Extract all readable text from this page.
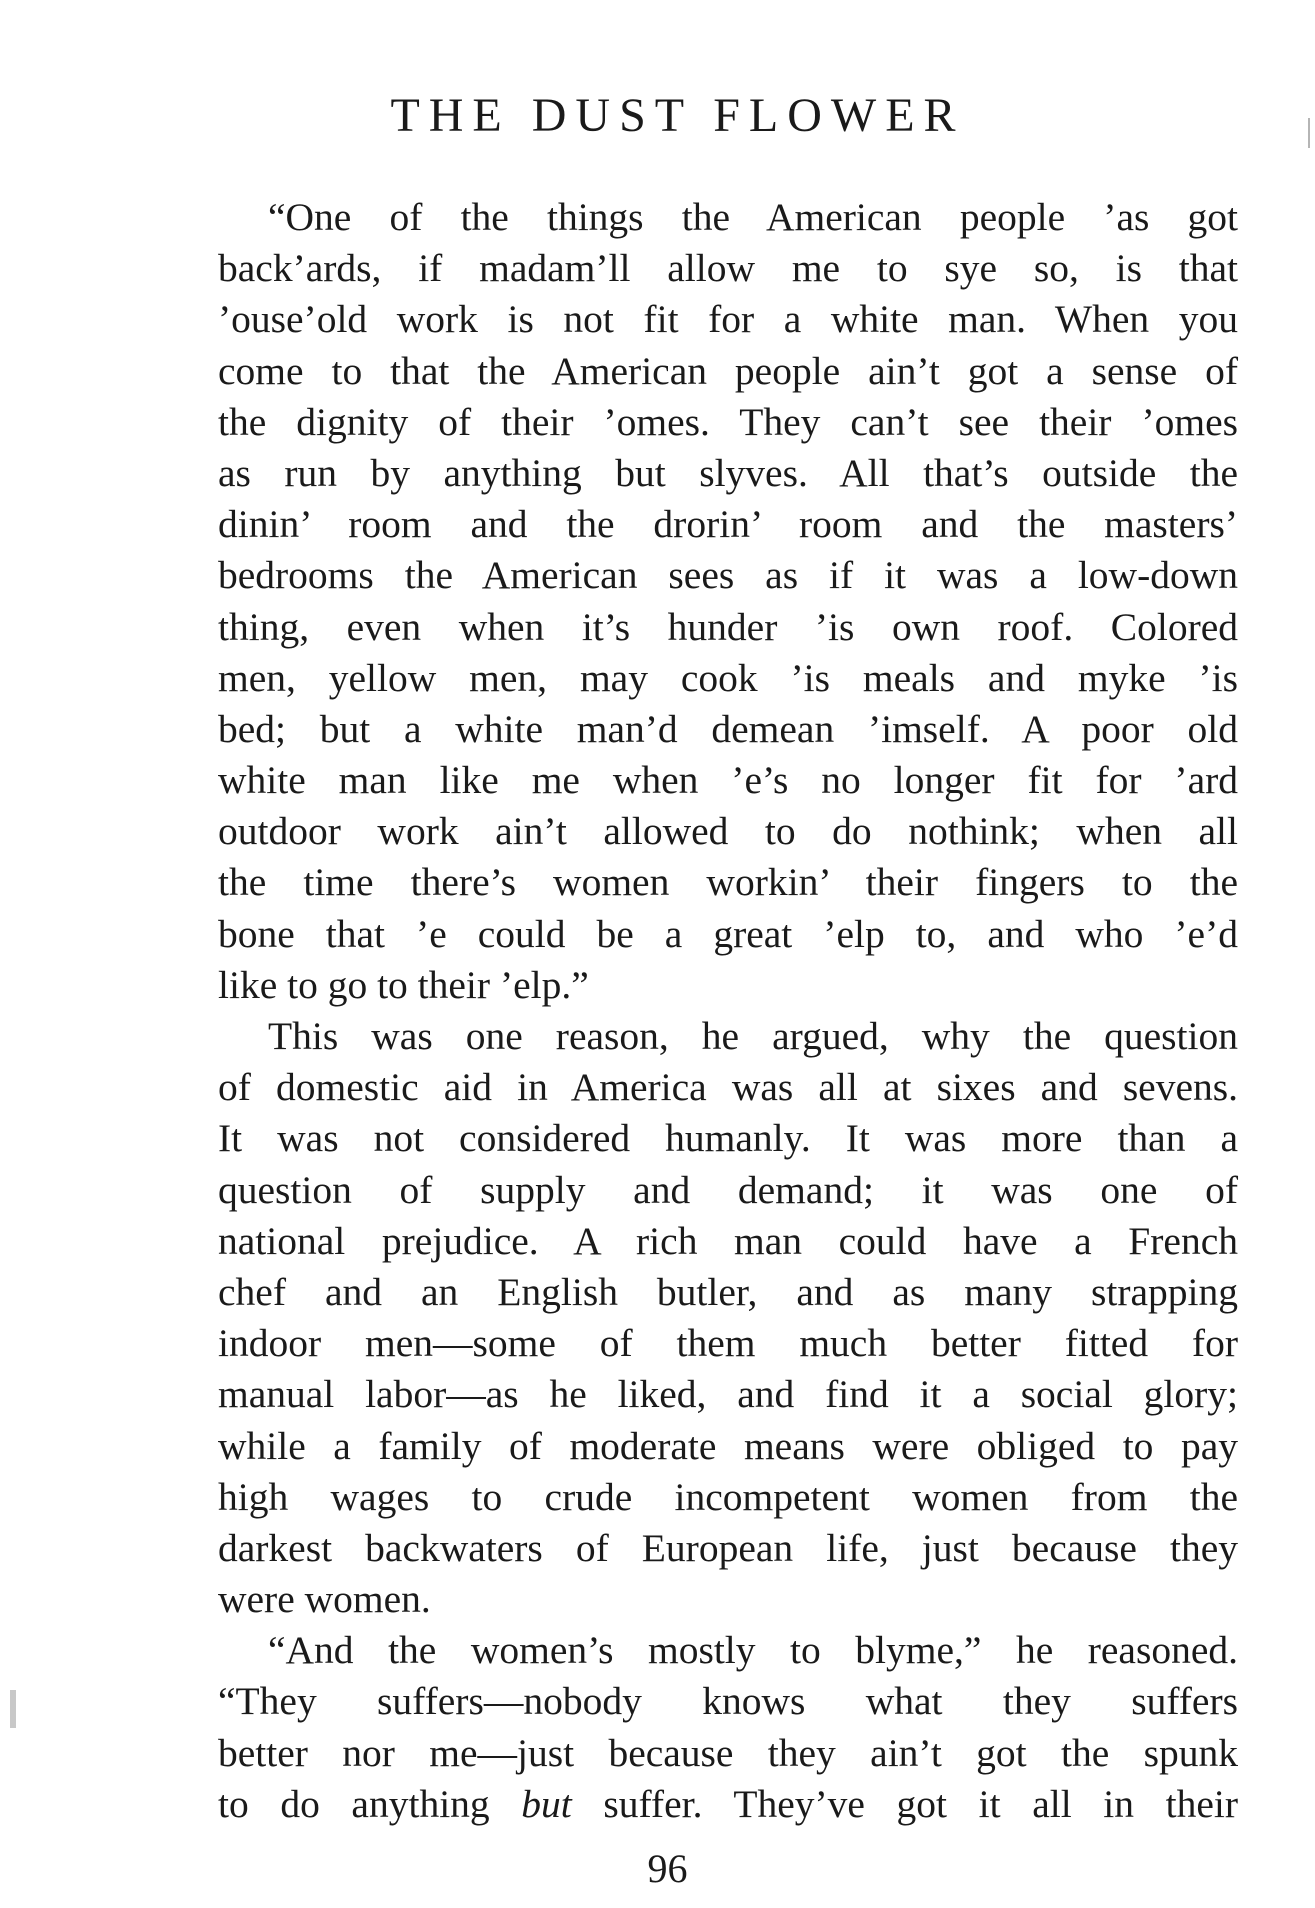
THE DUST FLOWER
“One of the things the American people ’as got
back’ards, if madam’ll allow me to sye so, is that
’ouse’old work is not fit for a white man. When you
come to that the American people ain’t got a sense of
the dignity of their ’omes. They can’t see their ’omes
as run by anything but slyves. All that’s outside the
dinin’ room and the drorin’ room and the masters’
bedrooms the American sees as if it was a low-down
thing, even when it’s hunder ’is own roof. Colored
men, yellow men, may cook ’is meals and myke ’is
bed; but a white man’d demean ’imself. A poor old
white man like me when ’e’s no longer fit for ’ard
outdoor work ain’t allowed to do nothink; when all
the time there’s women workin’ their fingers to the
bone that ’e could be a great ’elp to, and who ’e’d
like to go to their ’elp.”
This was one reason, he argued, why the question
of domestic aid in America was all at sixes and sevens.
It was not considered humanly. It was more than a
question of supply and demand; it was one of
national prejudice. A rich man could have a French
chef and an English butler, and as many strapping
indoor men—some of them much better fitted for
manual labor—as he liked, and find it a social glory;
while a family of moderate means were obliged to pay
high wages to crude incompetent women from the
darkest backwaters of European life, just because they
were women.
“And the women’s mostly to blyme,” he reasoned.
“They suffers—nobody knows what they suffers
better nor me—just because they ain’t got the spunk
to do anything but suffer. They’ve got it all in their
96
